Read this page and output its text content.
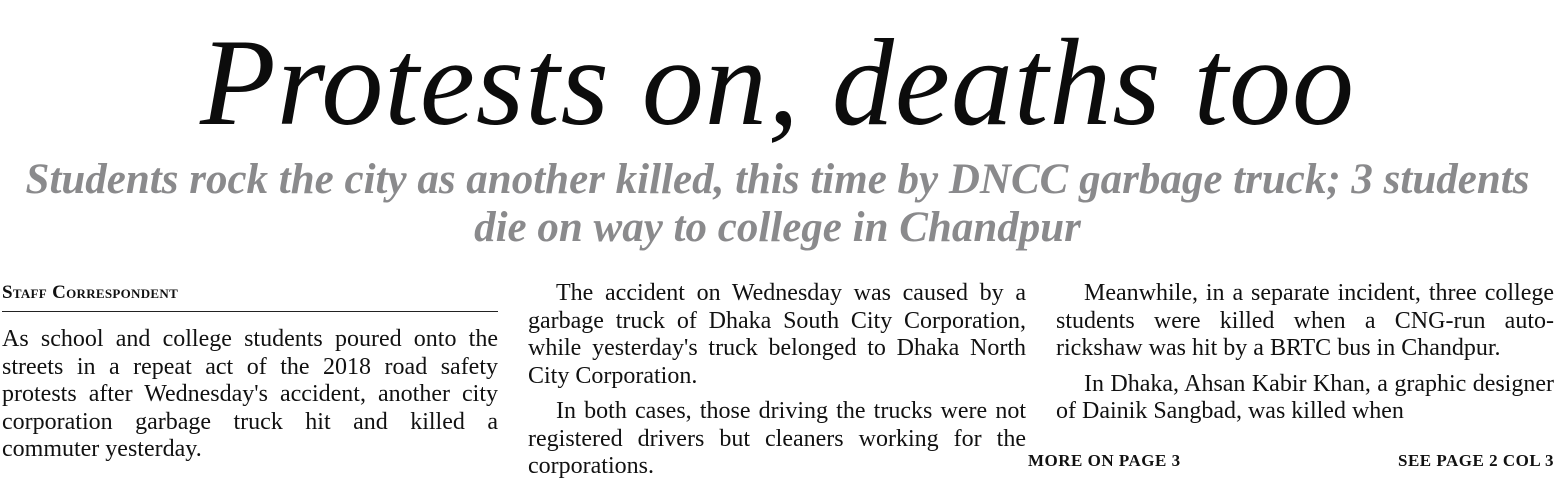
Protests on, deaths too
Students rock the city as another killed, this time by DNCC garbage truck; 3 students die on way to college in Chandpur
Staff Correspondent

As school and college students poured onto the streets in a repeat act of the 2018 road safety protests after Wednesday's accident, another city corporation garbage truck hit and killed a commuter yesterday.

The accident on Wednesday was caused by a garbage truck of Dhaka South City Corporation, while yesterday's truck belonged to Dhaka North City Corporation.

In both cases, those driving the trucks were not registered drivers but cleaners working for the corporations.

Meanwhile, in a separate incident, three college students were killed when a CNG-run auto-rickshaw was hit by a BRTC bus in Chandpur.

In Dhaka, Ahsan Kabir Khan, a graphic designer of Dainik Sangbad, was killed when

MORE ON PAGE 3	SEE PAGE 2 COL 3
